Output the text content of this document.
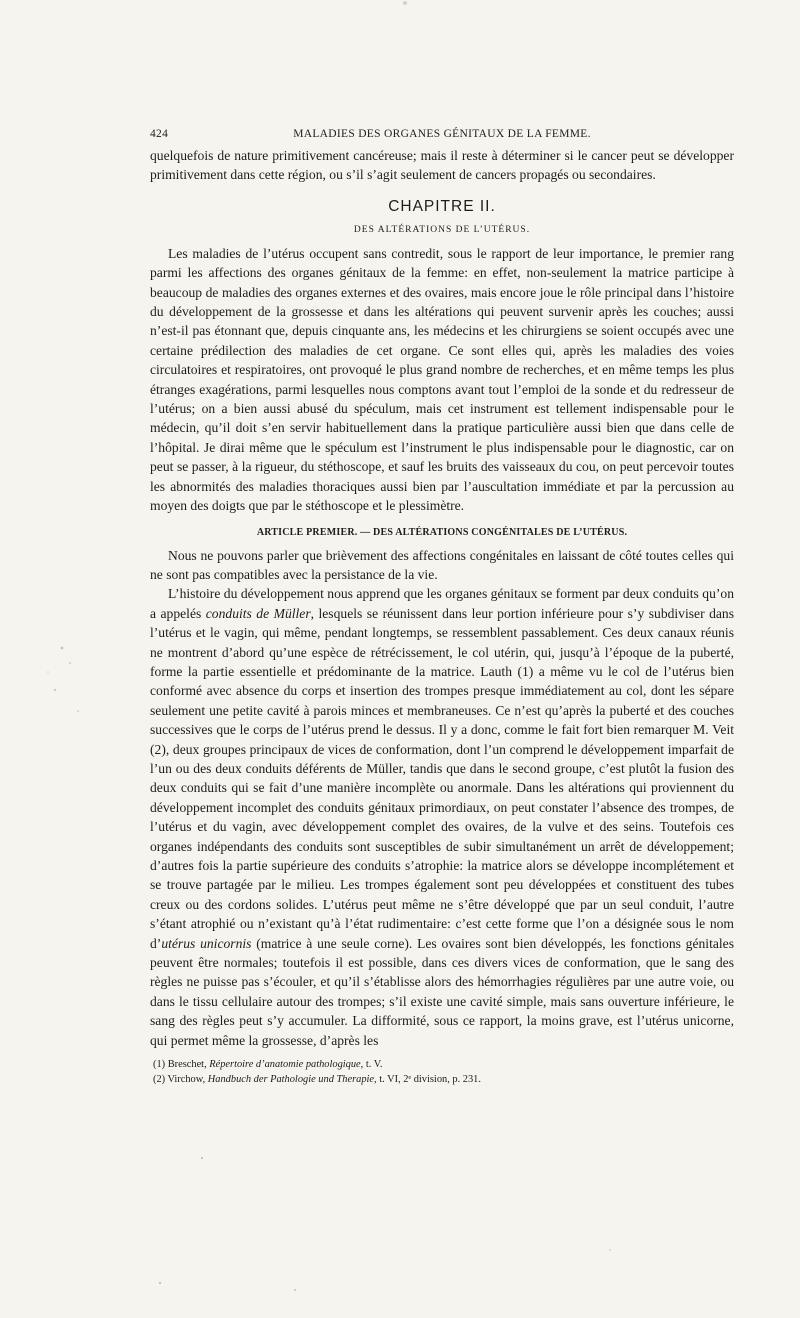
424	MALADIES DES ORGANES GÉNITAUX DE LA FEMME.

quelquefois de nature primitivement cancéreuse; mais il reste à déterminer si le cancer peut se développer primitivement dans cette région, ou s’il s’agit seulement de cancers propagés ou secondaires.

CHAPITRE II.
DES ALTÉRATIONS DE L’UTÉRUS.

Les maladies de l’utérus occupent sans contredit, sous le rapport de leur importance, le premier rang parmi les affections des organes génitaux de la femme: en effet, non-seulement la matrice participe à beaucoup de maladies des organes externes et des ovaires, mais encore joue le rôle principal dans l’histoire du développement de la grossesse et dans les altérations qui peuvent survenir après les couches; aussi n’est-il pas étonnant que, depuis cinquante ans, les médecins et les chirurgiens se soient occupés avec une certaine prédilection des maladies de cet organe. Ce sont elles qui, après les maladies des voies circulatoires et respiratoires, ont provoqué le plus grand nombre de recherches, et en même temps les plus étranges exagérations, parmi lesquelles nous comptons avant tout l’emploi de la sonde et du redresseur de l’utérus; on a bien aussi abusé du spéculum, mais cet instrument est tellement indispensable pour le médecin, qu’il doit s’en servir habituellement dans la pratique particulière aussi bien que dans celle de l’hôpital. Je dirai même que le spéculum est l’instrument le plus indispensable pour le diagnostic, car on peut se passer, à la rigueur, du stéthoscope, et sauf les bruits des vaisseaux du cou, on peut percevoir toutes les abnormités des maladies thoraciques aussi bien par l’auscultation immédiate et par la percussion au moyen des doigts que par le stéthoscope et le plessimètre.

ARTICLE PREMIER. — DES ALTÉRATIONS CONGÉNITALES DE L’UTÉRUS.

Nous ne pouvons parler que brièvement des affections congénitales en laissant de côté toutes celles qui ne sont pas compatibles avec la persistance de la vie.

L’histoire du développement nous apprend que les organes génitaux se forment par deux conduits qu’on a appelés conduits de Müller, lesquels se réunissent dans leur portion inférieure pour s’y subdiviser dans l’utérus et le vagin, qui même, pendant longtemps, se ressemblent passablement. Ces deux canaux réunis ne montrent d’abord qu’une espèce de rétrécissement, le col utérin, qui, jusqu’à l’époque de la puberté, forme la partie essentielle et prédominante de la matrice. Lauth (1) a même vu le col de l’utérus bien conformé avec absence du corps et insertion des trompes presque immédiatement au col, dont les sépare seulement une petite cavité à parois minces et membraneuses. Ce n’est qu’après la puberté et des couches successives que le corps de l’utérus prend le dessus. Il y a donc, comme le fait fort bien remarquer M. Veit (2), deux groupes principaux de vices de conformation, dont l’un comprend le développement imparfait de l’un ou des deux conduits déférents de Müller, tandis que dans le second groupe, c’est plutôt la fusion des deux conduits qui se fait d’une manière incomplète ou anormale. Dans les altérations qui proviennent du développement incomplet des conduits génitaux primordiaux, on peut constater l’absence des trompes, de l’utérus et du vagin, avec développement complet des ovaires, de la vulve et des seins. Toutefois ces organes indépendants des conduits sont susceptibles de subir simultanément un arrêt de développement; d’autres fois la partie supérieure des conduits s’atrophie: la matrice alors se développe incomplétement et se trouve partagée par le milieu. Les trompes également sont peu développées et constituent des tubes creux ou des cordons solides. L’utérus peut même ne s’être développé que par un seul conduit, l’autre s’étant atrophié ou n’existant qu’à l’état rudimentaire: c’est cette forme que l’on a désignée sous le nom d’utérus unicornis (matrice à une seule corne). Les ovaires sont bien développés, les fonctions génitales peuvent être normales; toutefois il est possible, dans ces divers vices de conformation, que le sang des règles ne puisse pas s’écouler, et qu’il s’établisse alors des hémorrhagies régulières par une autre voie, ou dans le tissu cellulaire autour des trompes; s’il existe une cavité simple, mais sans ouverture inférieure, le sang des règles peut s’y accumuler. La difformité, sous ce rapport, la moins grave, est l’utérus unicorne, qui permet même la grossesse, d’après les

(1) Breschet, Répertoire d’anatomie pathologique, t. V.
(2) Virchow, Handbuch der Pathologie und Therapie, t. VI, 2ᵉ division, p. 231.
